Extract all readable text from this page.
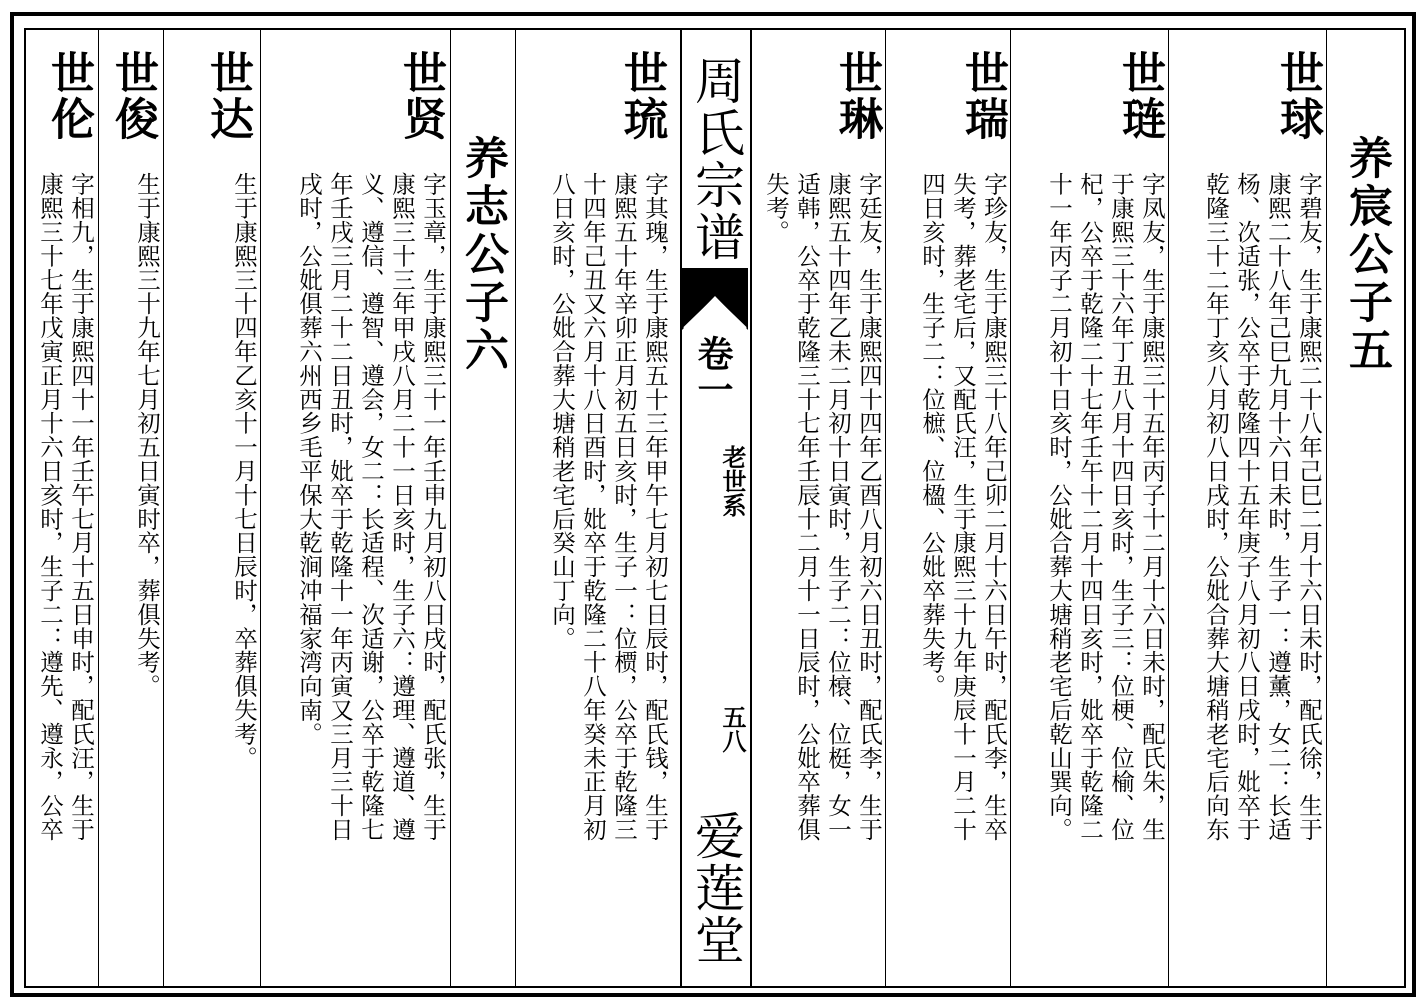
周氏宗谱
卷一
老世系
五八
爱莲堂
养宸公子五
世球
字碧友，生于康熙二十八年己巳二月十六日未时，配氏徐，生于
康熙二十八年己巳九月十六日未时，生子一：遵薰，女二：长适
杨、次适张，公卒于乾隆四十五年庚子八月初八日戌时，妣卒于
乾隆三十二年丁亥八月初八日戌时，公妣合葬大塘稍老宅后向东
世琏
字凤友，生于康熙三十五年丙子十二月十六日未时，配氏朱，生
于康熙三十六年丁丑八月十四日亥时，生子三：位梗、位榆、位
杞，公卒于乾隆二十七年壬午十二月十四日亥时，妣卒于乾隆二
十一年丙子二月初十日亥时，公妣合葬大塘稍老宅后乾山巽向。
世瑞
字珍友，生于康熙三十八年己卯二月十六日午时，配氏李，生卒
失考，葬老宅后，又配氏汪，生于康熙三十九年庚辰十一月二十
四日亥时，生子二：位樜、位楹、公妣卒葬失考。
世琳
字廷友，生于康熙四十四年乙酉八月初六日丑时，配氏李，生于
康熙五十四年乙未二月初十日寅时，生子二：位榱、位梃，女一
适韩，公卒于乾隆三十七年壬辰十二月十一日辰时，公妣卒葬俱
失考。
世琉
字其瑰，生于康熙五十三年甲午七月初七日辰时，配氏钱，生于
康熙五十年辛卯正月初五日亥时，生子一：位槚，公卒于乾隆三
十四年己丑又六月十八日酉时，妣卒于乾隆二十八年癸未正月初
八日亥时，公妣合葬大塘稍老宅后癸山丁向。
养志公子六
世贤
字玉章，生于康熙三十一年壬申九月初八日戌时，配氏张，生于
康熙三十三年甲戌八月二十一日亥时，生子六：遵理、遵道、遵
义、遵信、遵智、遵会，女二：长适程、次适谢，公卒于乾隆七
年壬戌三月二十二日丑时，妣卒于乾隆十一年丙寅又三月三十日
戌时，公妣俱葬六州西乡毛平保大乾涧冲福家湾向南。
世达
生于康熙三十四年乙亥十一月十七日辰时，卒葬俱失考。
世俊
生于康熙三十九年七月初五日寅时卒，葬俱失考。
世伦
字相九，生于康熙四十一年壬午七月十五日申时，配氏汪，生于
康熙三十七年戊寅正月十六日亥时，生子二：遵先、遵永，公卒
